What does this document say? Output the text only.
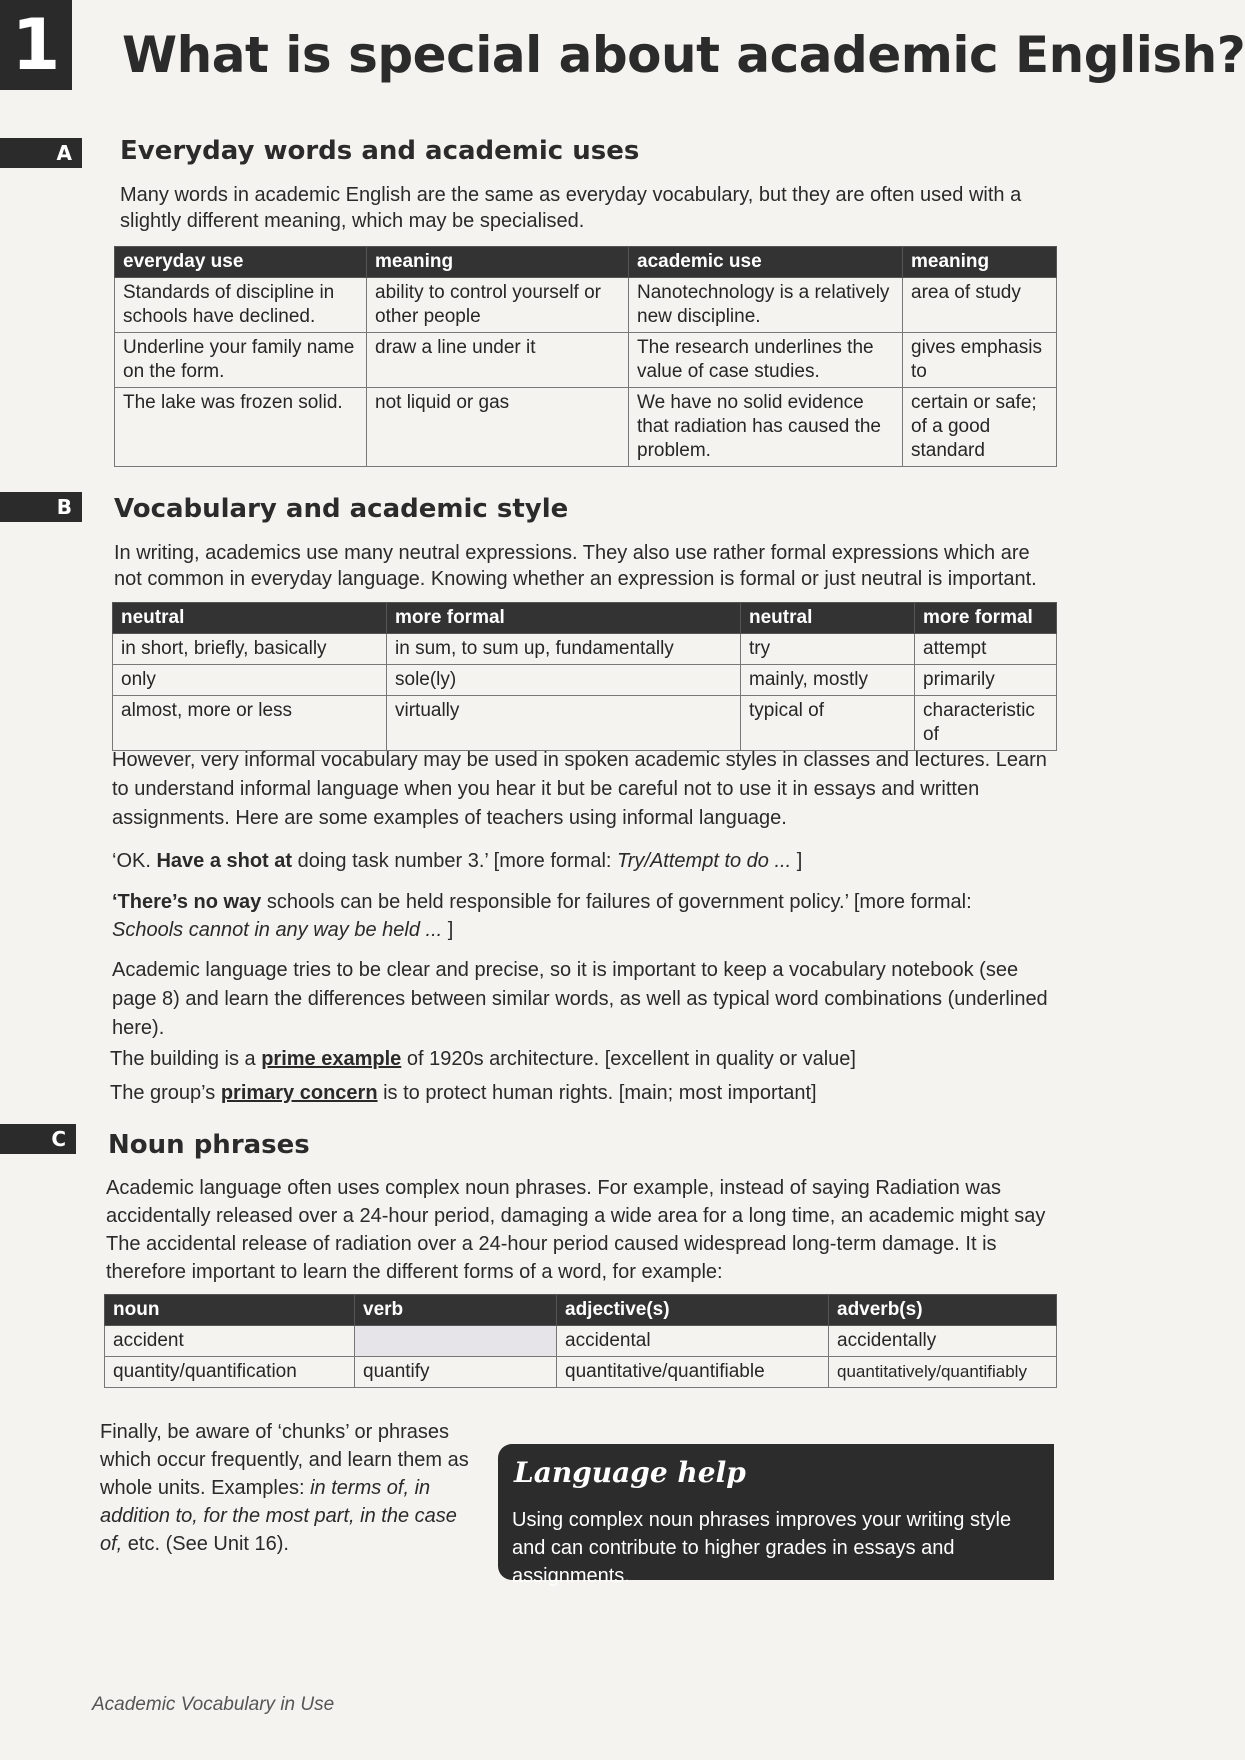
1 What is special about academic English?
A	Everyday words and academic uses
Many words in academic English are the same as everyday vocabulary, but they are often used with a slightly different meaning, which may be specialised.
everyday use	meaning	academic use	meaning
Standards of discipline in schools have declined.	ability to control yourself or other people	Nanotechnology is a relatively new discipline.	area of study
Underline your family name on the form.	draw a line under it	The research underlines the value of case studies.	gives emphasis to
The lake was frozen solid.	not liquid or gas	We have no solid evidence that radiation has caused the problem.	certain or safe; of a good standard
B	Vocabulary and academic style
In writing, academics use many neutral expressions. They also use rather formal expressions which are not common in everyday language. Knowing whether an expression is formal or just neutral is important.
neutral	more formal	neutral	more formal
in short, briefly, basically	in sum, to sum up, fundamentally	try	attempt
only	sole(ly)	mainly, mostly	primarily
almost, more or less	virtually	typical of	characteristic of
However, very informal vocabulary may be used in spoken academic styles in classes and lectures. Learn to understand informal language when you hear it but be careful not to use it in essays and written assignments. Here are some examples of teachers using informal language.
‘OK. Have a shot at doing task number 3.’ [more formal: Try/Attempt to do ... ]
‘There’s no way schools can be held responsible for failures of government policy.’ [more formal:
Schools cannot in any way be held ... ]
Academic language tries to be clear and precise, so it is important to keep a vocabulary notebook (see page 8) and learn the differences between similar words, as well as typical word combinations (underlined here).
The building is a prime example of 1920s architecture. [excellent in quality or value]
The group’s primary concern is to protect human rights. [main; most important]
C	Noun phrases
Academic language often uses complex noun phrases. For example, instead of saying Radiation was accidentally released over a 24-hour period, damaging a wide area for a long time, an academic might say The accidental release of radiation over a 24-hour period caused widespread long-term damage. It is therefore important to learn the different forms of a word, for example:
noun	verb	adjective(s)	adverb(s)
accident		accidental	accidentally
quantity/quantification	quantify	quantitative/quantifiable	quantitatively/quantifiably
Finally, be aware of ‘chunks’ or phrases which occur frequently, and learn them as whole units. Examples: in terms of, in addition to, for the most part, in the case of, etc. (See Unit 16).
Language help
Using complex noun phrases improves your writing style and can contribute to higher grades in essays and assignments.
Academic Vocabulary in Use
